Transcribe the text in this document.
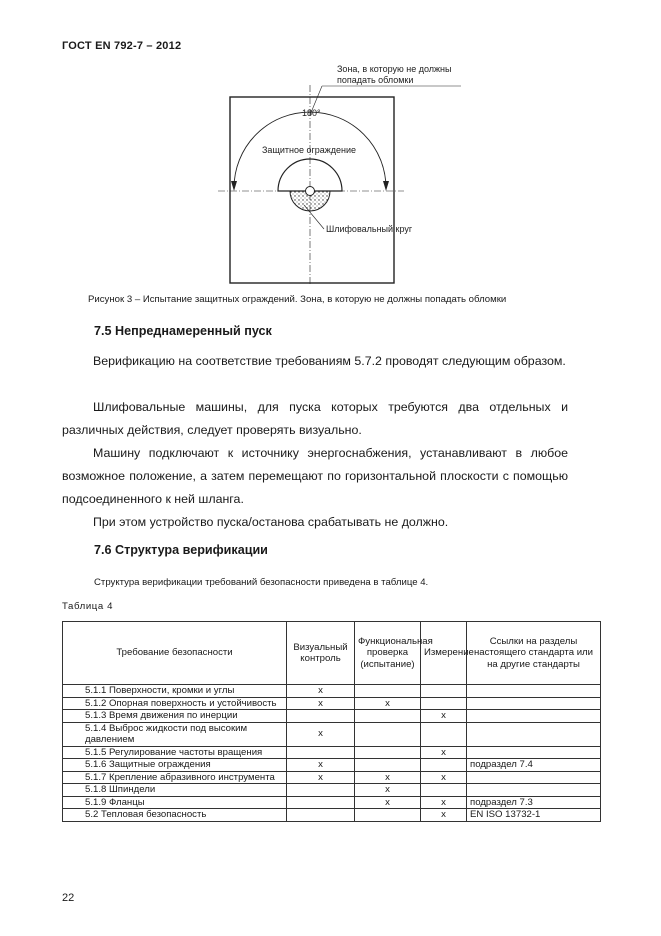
ГОСТ EN 792-7 – 2012
Зона, в которую не должны попадать обломки
180°
Защитное ограждение
Шлифовальный круг
Рисунок 3 – Испытание защитных ограждений. Зона, в которую не должны попадать обломки
7.5 Непреднамеренный пуск
Верификацию на соответствие требованиям 5.7.2 проводят следующим образом.
Шлифовальные машины, для пуска которых требуются два отдельных и различных действия, следует проверять визуально.
Машину подключают к источнику энергоснабжения, устанавливают в любое возможное положение, а затем перемещают по горизонтальной плоскости с помощью подсоединенного к ней шланга.
При этом устройство пуска/останова срабатывать не должно.
7.6 Структура верификации
Структура верификации требований безопасности приведена в таблице 4.
Таблица 4
Требование безопасности	Визуальный контроль	Функциональная проверка (испытание)	Измерение	Ссылки на разделы настоящего стандарта или на другие стандарты
5.1.1 Поверхности, кромки и углы	x			
5.1.2 Опорная поверхность и устойчивость	x	x		
5.1.3 Время движения по инерции			x	
5.1.4 Выброс жидкости под высоким давлением	x			
5.1.5 Регулирование частоты вращения			x	
5.1.6 Защитные ограждения	x			подраздел 7.4
5.1.7 Крепление абразивного инструмента	x	x	x	
5.1.8 Шпиндели		x		
5.1.9 Фланцы		x	x	подраздел 7.3
5.2 Тепловая безопасность			x	EN ISO 13732-1
22
